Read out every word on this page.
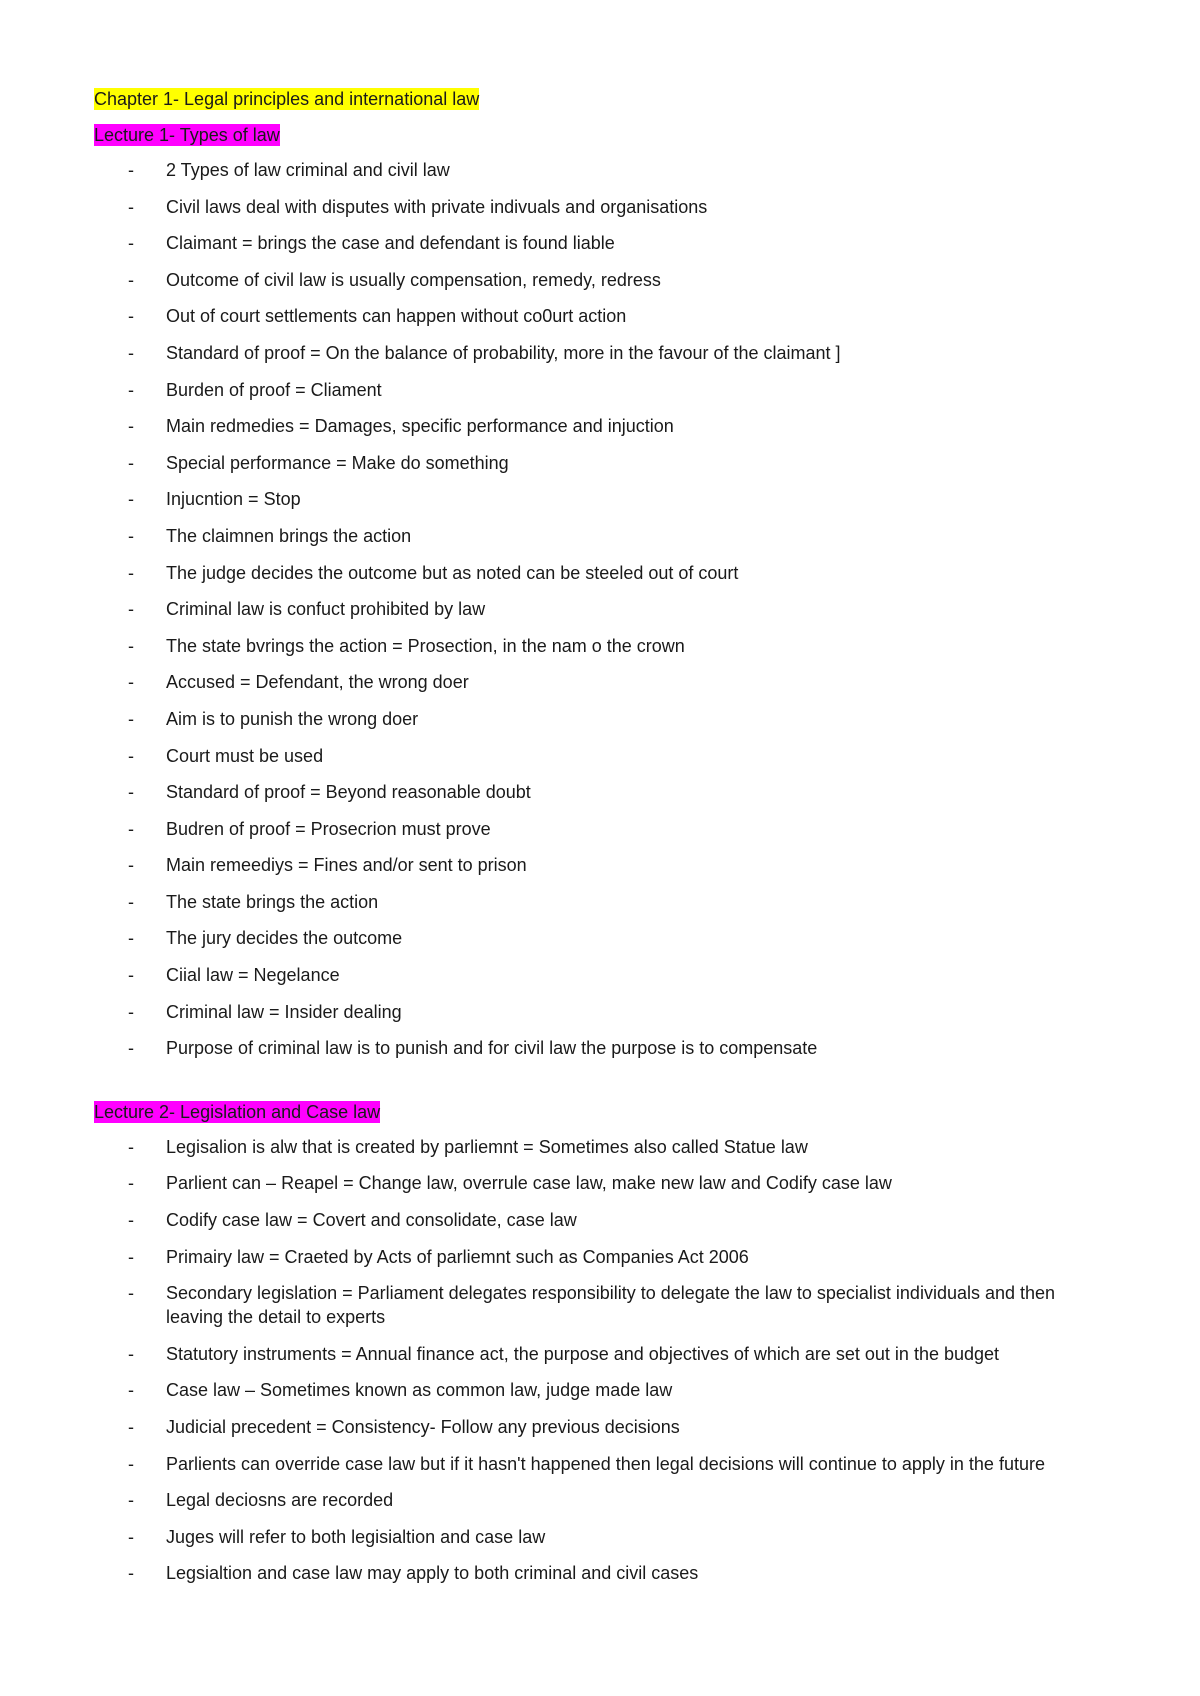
Chapter 1- Legal principles and international law
Lecture 1- Types of law
- 2 Types of law criminal and civil law
- Civil laws deal with disputes with private indivuals and organisations
- Claimant = brings the case and defendant is found liable
- Outcome of civil law is usually compensation, remedy, redress
- Out of court settlements can happen without co0urt action
- Standard of proof = On the balance of probability, more in the favour of the claimant ]
- Burden of proof = Cliament
- Main redmedies = Damages, specific performance and injuction
- Special performance = Make do something
- Injucntion = Stop
- The claimnen brings the action
- The judge decides the outcome but as noted can be steeled out of court
- Criminal law is confuct prohibited by law
- The state bvrings the action = Prosection, in the nam o the crown
- Accused = Defendant, the wrong doer
- Aim is to punish the wrong doer
- Court must be used
- Standard of proof = Beyond reasonable doubt
- Budren of proof = Prosecrion must prove
- Main remeediys = Fines and/or sent to prison
- The state brings the action
- The jury decides the outcome
- Ciial law = Negelance
- Criminal law = Insider dealing
- Purpose of criminal law is to punish and for civil law the purpose is to compensate
Lecture 2- Legislation and Case law
- Legisalion is alw that is created by parliemnt = Sometimes also called Statue law
- Parlient can – Reapel = Change law, overrule case law, make new law and Codify case law
- Codify case law = Covert and consolidate, case law
- Primairy law = Craeted by Acts of parliemnt such as Companies Act 2006
- Secondary legislation = Parliament delegates responsibility to delegate the law to specialist individuals and then leaving the detail to experts
- Statutory instruments = Annual finance act, the purpose and objectives of which are set out in the budget
- Case law – Sometimes known as common law, judge made law
- Judicial precedent = Consistency- Follow any previous decisions
- Parlients can override case law but if it hasn't happened then legal decisions will continue to apply in the future
- Legal deciosns are recorded
- Juges will refer to both legisialtion and case law
- Legsialtion and case law may apply to both criminal and civil cases
